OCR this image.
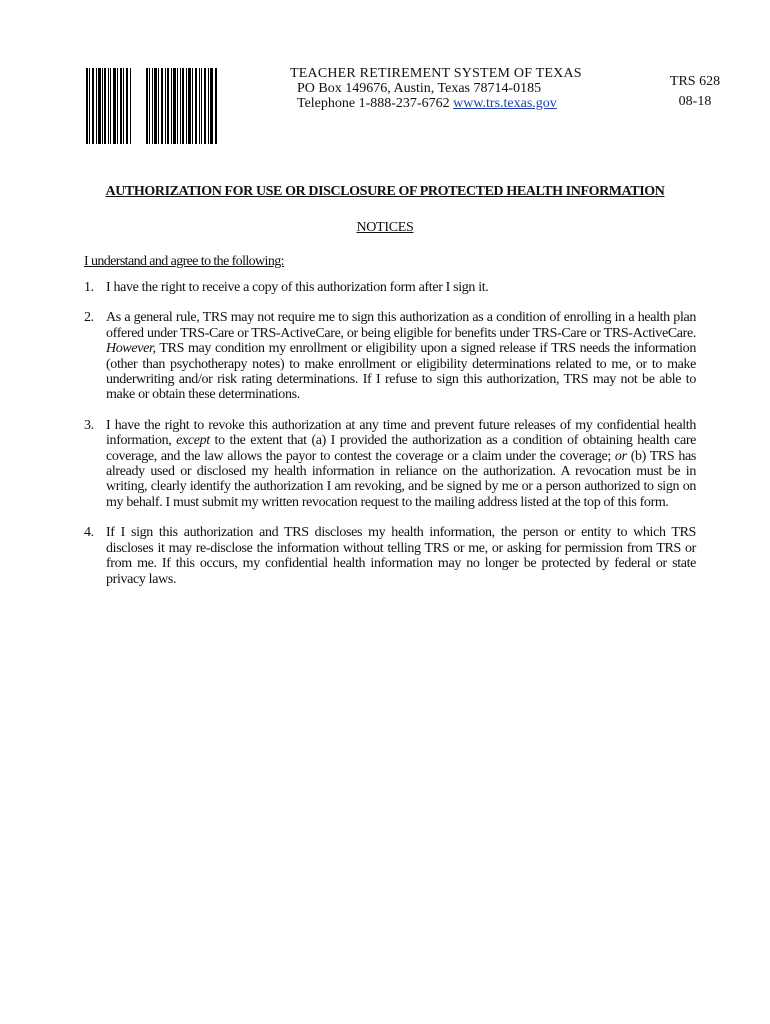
TEACHER RETIREMENT SYSTEM OF TEXAS
PO Box 149676, Austin, Texas 78714-0185
Telephone 1-888-237-6762 www.trs.texas.gov
TRS 628
08-18
AUTHORIZATION FOR USE OR DISCLOSURE OF PROTECTED HEALTH INFORMATION
NOTICES
I understand and agree to the following:
1. I have the right to receive a copy of this authorization form after I sign it.
2. As a general rule, TRS may not require me to sign this authorization as a condition of enrolling in a health plan offered under TRS-Care or TRS-ActiveCare, or being eligible for benefits under TRS-Care or TRS-ActiveCare. However, TRS may condition my enrollment or eligibility upon a signed release if TRS needs the information (other than psychotherapy notes) to make enrollment or eligibility determinations related to me, or to make underwriting and/or risk rating determinations. If I refuse to sign this authorization, TRS may not be able to make or obtain these determinations.
3. I have the right to revoke this authorization at any time and prevent future releases of my confidential health information, except to the extent that (a) I provided the authorization as a condition of obtaining health care coverage, and the law allows the payor to contest the coverage or a claim under the coverage; or (b) TRS has already used or disclosed my health information in reliance on the authorization. A revocation must be in writing, clearly identify the authorization I am revoking, and be signed by me or a person authorized to sign on my behalf. I must submit my written revocation request to the mailing address listed at the top of this form.
4. If I sign this authorization and TRS discloses my health information, the person or entity to which TRS discloses it may re-disclose the information without telling TRS or me, or asking for permission from TRS or from me. If this occurs, my confidential health information may no longer be protected by federal or state privacy laws.
